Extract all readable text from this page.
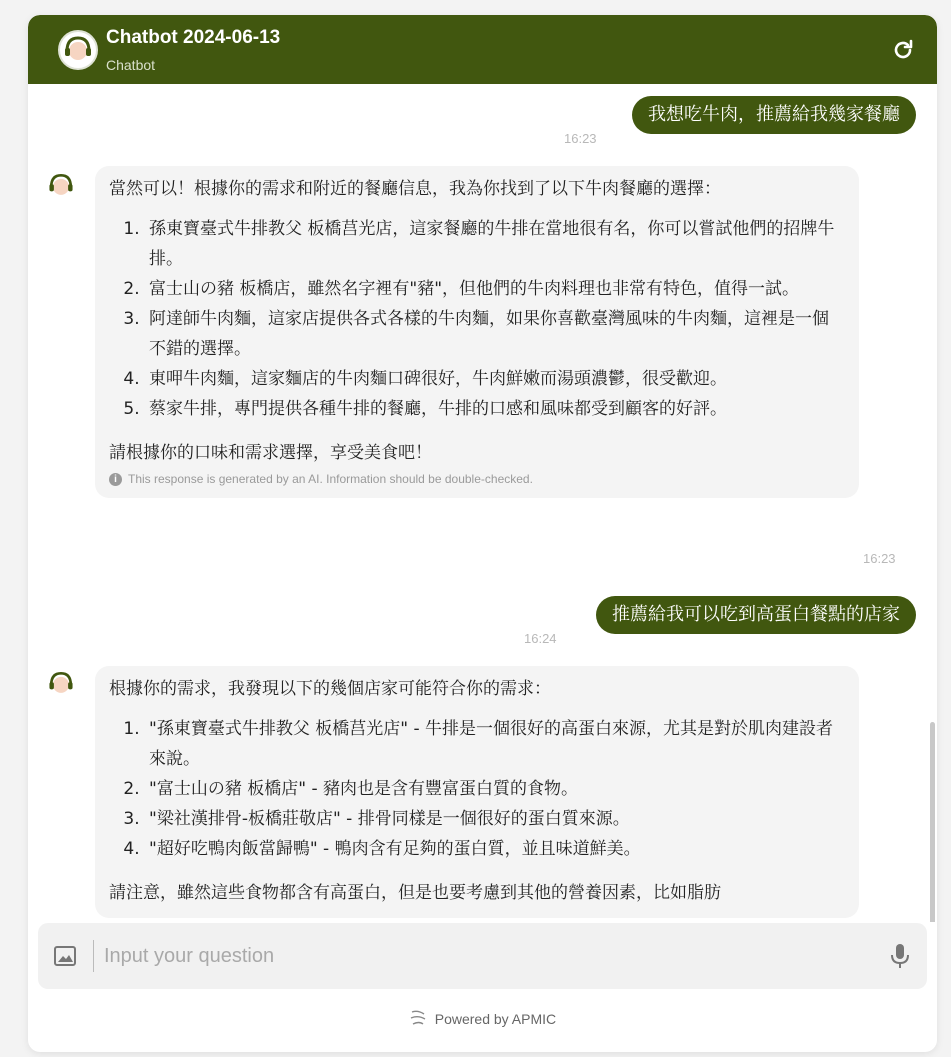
Chatbot 2024-06-13
Chatbot
16:23
我想吃牛肉，推薦給我幾家餐廳

當然可以！根據你的需求和附近的餐廳信息，我為你找到了以下牛肉餐廳的選擇：

1. 孫東寶臺式牛排教父 板橋莒光店，這家餐廳的牛排在當地很有名，你可以嘗試他們的招牌牛排。
2. 富士山の豬 板橋店，雖然名字裡有"豬"，但他們的牛肉料理也非常有特色，值得一試。
3. 阿達師牛肉麵，這家店提供各式各樣的牛肉麵，如果你喜歡臺灣風味的牛肉麵，這裡是一個不錯的選擇。
4. 東呷牛肉麵，這家麵店的牛肉麵口碑很好，牛肉鮮嫩而湯頭濃鬱，很受歡迎。
5. 蔡家牛排，專門提供各種牛排的餐廳，牛排的口感和風味都受到顧客的好評。

請根據你的口味和需求選擇，享受美食吧！

i This response is generated by an AI. Information should be double-checked.
16:23
16:24
推薦給我可以吃到高蛋白餐點的店家

根據你的需求，我發現以下的幾個店家可能符合你的需求：

1. "孫東寶臺式牛排教父 板橋莒光店" - 牛排是一個很好的高蛋白來源，尤其是對於肌肉建設者來說。
2. "富士山の豬 板橋店" - 豬肉也是含有豐富蛋白質的食物。
3. "梁社漢排骨-板橋莊敬店" - 排骨同樣是一個很好的蛋白質來源。
4. "超好吃鴨肉飯當歸鴨" - 鴨肉含有足夠的蛋白質，並且味道鮮美。

請注意，雖然這些食物都含有高蛋白，但是也要考慮到其他的營養因素，比如脂肪

Input your question
Powered by APMIC
